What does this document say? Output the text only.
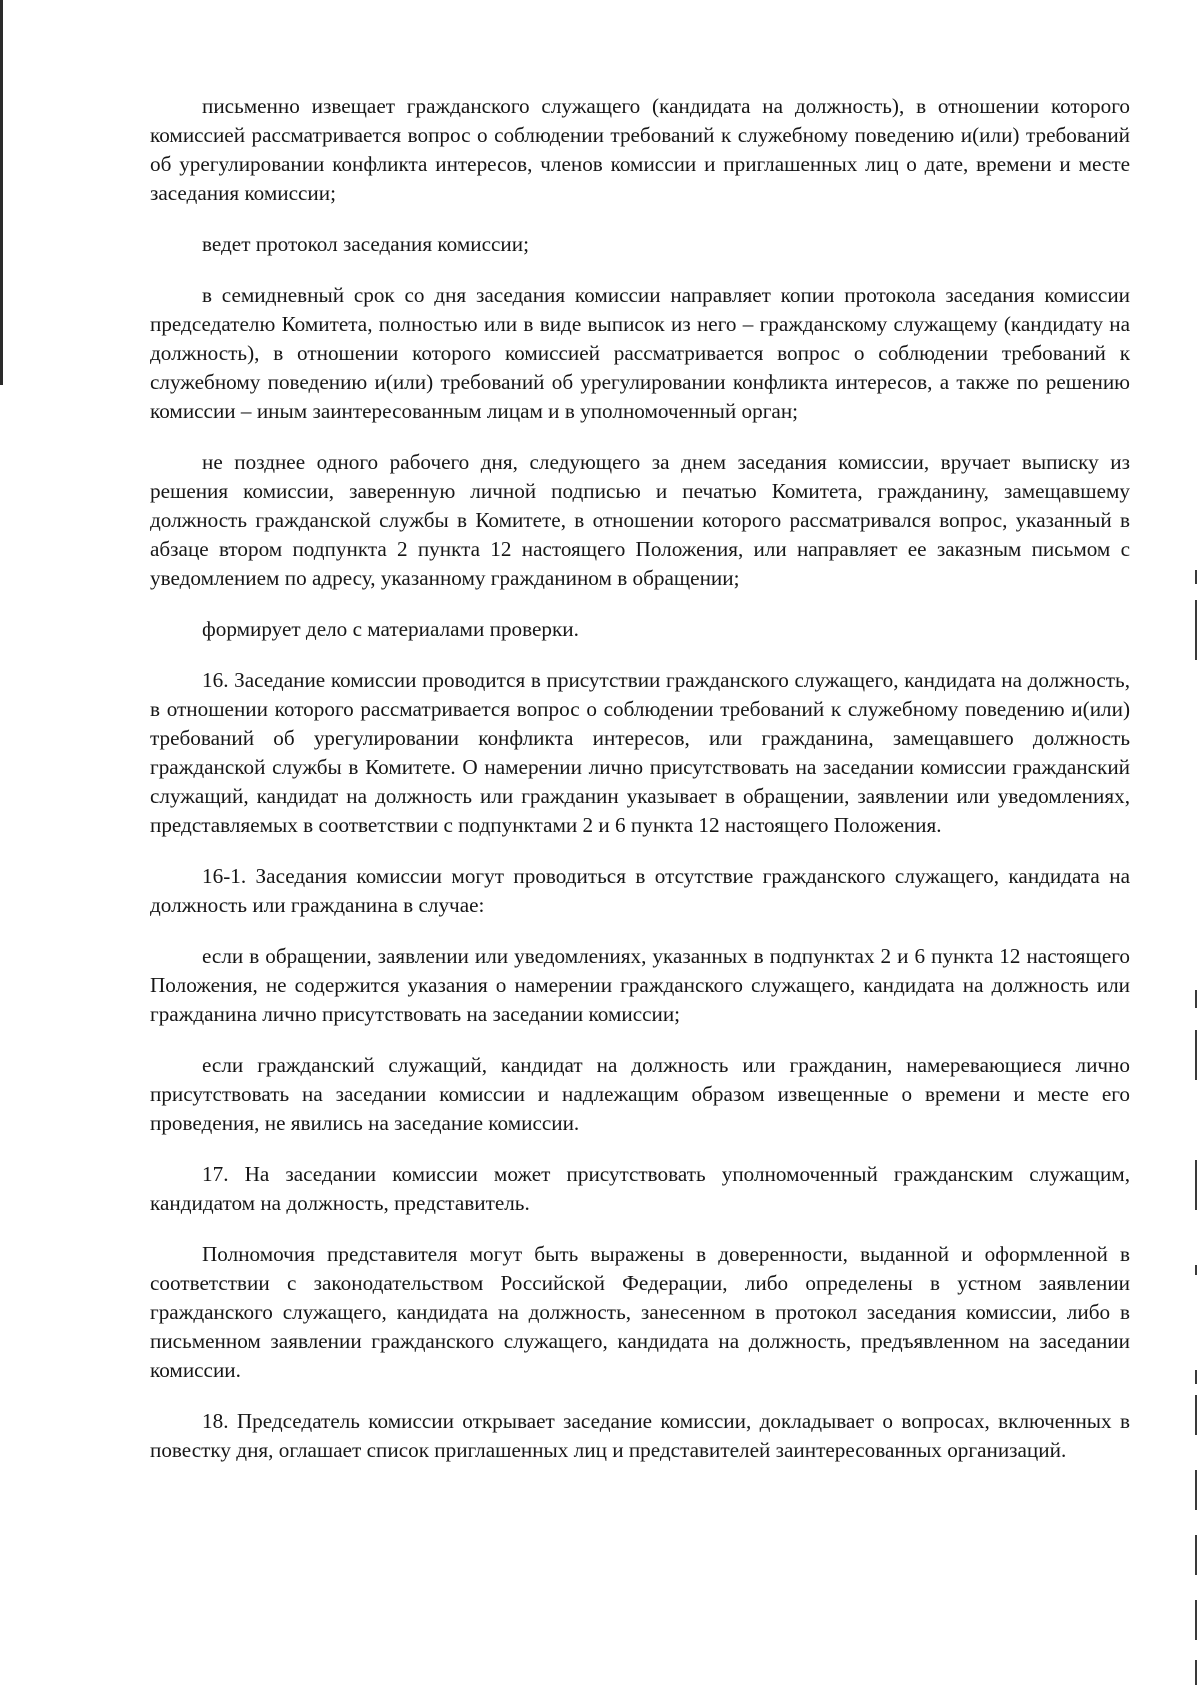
письменно извещает гражданского служащего (кандидата на должность), в отношении которого комиссией рассматривается вопрос о соблюдении требований к служебному поведению и(или) требований об урегулировании конфликта интересов, членов комиссии и приглашенных лиц о дате, времени и месте заседания комиссии;

ведет протокол заседания комиссии;

в семидневный срок со дня заседания комиссии направляет копии протокола заседания комиссии председателю Комитета, полностью или в виде выписок из него – гражданскому служащему (кандидату на должность), в отношении которого комиссией рассматривается вопрос о соблюдении требований к служебному поведению и(или) требований об урегулировании конфликта интересов, а также по решению комиссии – иным заинтересованным лицам и в уполномоченный орган;

не позднее одного рабочего дня, следующего за днем заседания комиссии, вручает выписку из решения комиссии, заверенную личной подписью и печатью Комитета, гражданину, замещавшему должность гражданской службы в Комитете, в отношении которого рассматривался вопрос, указанный в абзаце втором подпункта 2 пункта 12 настоящего Положения, или направляет ее заказным письмом с уведомлением по адресу, указанному гражданином в обращении;

формирует дело с материалами проверки.

16. Заседание комиссии проводится в присутствии гражданского служащего, кандидата на должность, в отношении которого рассматривается вопрос о соблюдении требований к служебному поведению и(или) требований об урегулировании конфликта интересов, или гражданина, замещавшего должность гражданской службы в Комитете. О намерении лично присутствовать на заседании комиссии гражданский служащий, кандидат на должность или гражданин указывает в обращении, заявлении или уведомлениях, представляемых в соответствии с подпунктами 2 и 6 пункта 12 настоящего Положения.

16-1. Заседания комиссии могут проводиться в отсутствие гражданского служащего, кандидата на должность или гражданина в случае:

если в обращении, заявлении или уведомлениях, указанных в подпунктах 2 и 6 пункта 12 настоящего Положения, не содержится указания о намерении гражданского служащего, кандидата на должность или гражданина лично присутствовать на заседании комиссии;

если гражданский служащий, кандидат на должность или гражданин, намеревающиеся лично присутствовать на заседании комиссии и надлежащим образом извещенные о времени и месте его проведения, не явились на заседание комиссии.

17. На заседании комиссии может присутствовать уполномоченный гражданским служащим, кандидатом на должность, представитель.

Полномочия представителя могут быть выражены в доверенности, выданной и оформленной в соответствии с законодательством Российской Федерации, либо определены в устном заявлении гражданского служащего, кандидата на должность, занесенном в протокол заседания комиссии, либо в письменном заявлении гражданского служащего, кандидата на должность, предъявленном на заседании комиссии.

18. Председатель комиссии открывает заседание комиссии, докладывает о вопросах, включенных в повестку дня, оглашает список приглашенных лиц и представителей заинтересованных организаций.
